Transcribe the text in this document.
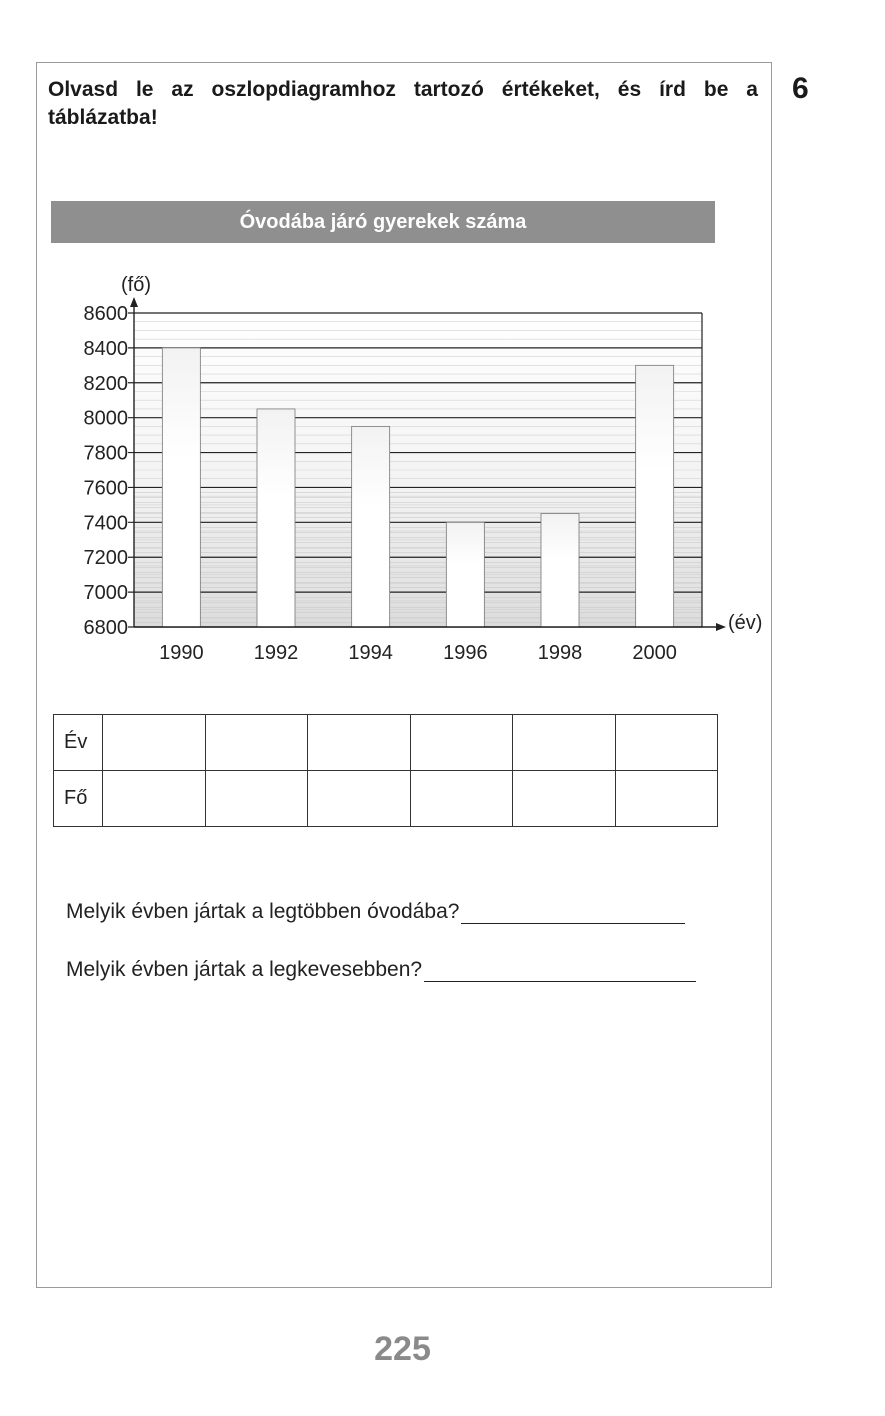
Olvasd le az oszlopdiagramhoz tartozó értékeket, és írd be a táblázatba!
6
Óvodába járó gyerekek száma
6800
7000
7200
7400
7600
7800
8000
8200
8400
8600
1990	1992	1994	1996	1998	2000
(fő)
(év)
Év						
Fő						
Melyik évben jártak a legtöbben óvodába?
Melyik évben jártak a legkevesebben?
225
